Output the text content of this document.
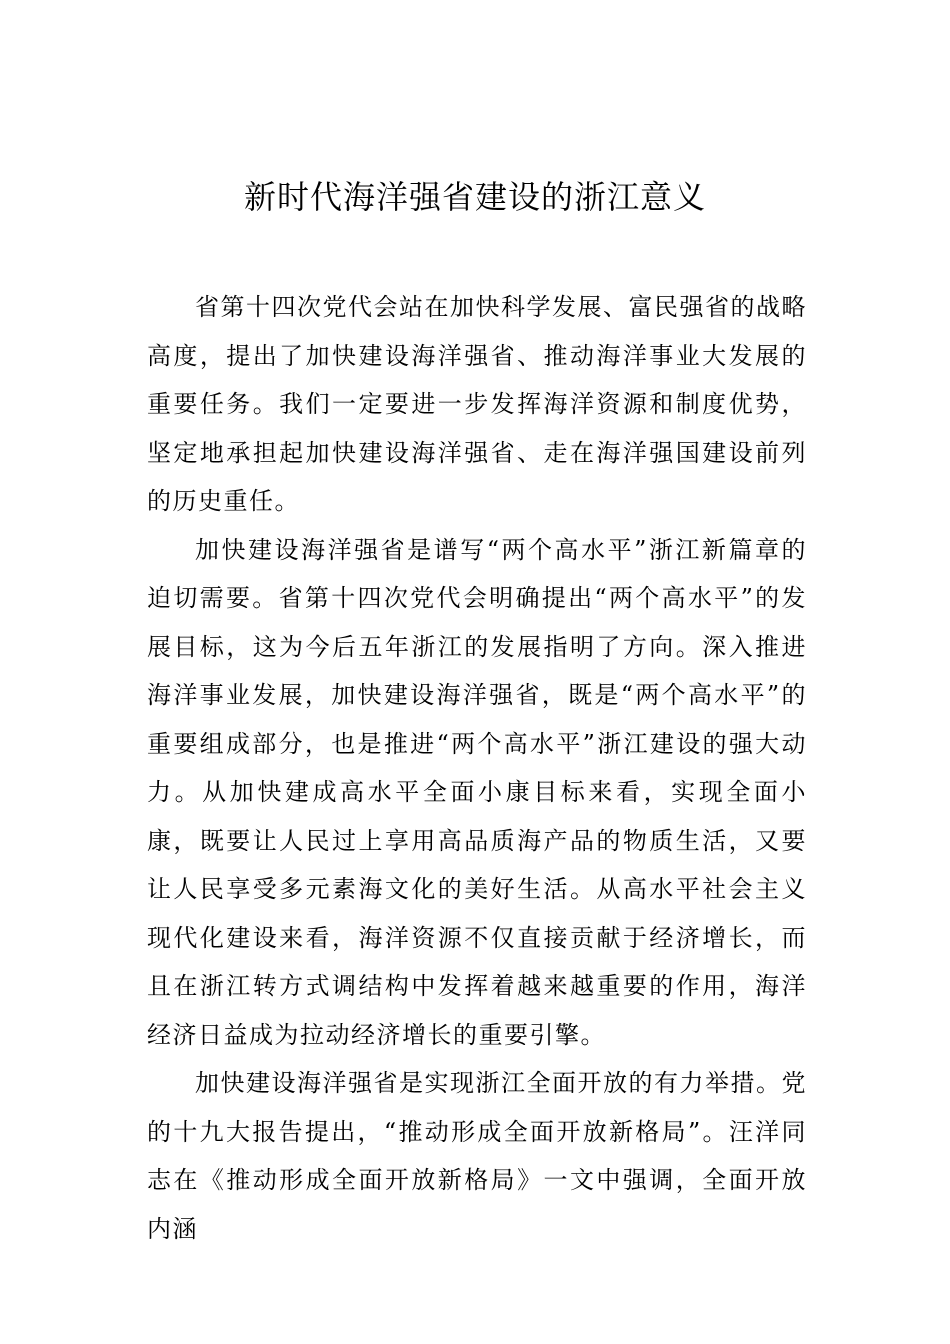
新时代海洋强省建设的浙江意义

省第十四次党代会站在加快科学发展、富民强省的战略高度，提出了加快建设海洋强省、推动海洋事业大发展的重要任务。我们一定要进一步发挥海洋资源和制度优势，坚定地承担起加快建设海洋强省、走在海洋强国建设前列的历史重任。

加快建设海洋强省是谱写“两个高水平”浙江新篇章的迫切需要。省第十四次党代会明确提出“两个高水平”的发展目标，这为今后五年浙江的发展指明了方向。深入推进海洋事业发展，加快建设海洋强省，既是“两个高水平”的重要组成部分，也是推进“两个高水平”浙江建设的强大动力。从加快建成高水平全面小康目标来看，实现全面小康，既要让人民过上享用高品质海产品的物质生活，又要让人民享受多元素海文化的美好生活。从高水平社会主义现代化建设来看，海洋资源不仅直接贡献于经济增长，而且在浙江转方式调结构中发挥着越来越重要的作用，海洋经济日益成为拉动经济增长的重要引擎。

加快建设海洋强省是实现浙江全面开放的有力举措。党的十九大报告提出，“推动形成全面开放新格局”。汪洋同志在《推动形成全面开放新格局》一文中强调，全面开放内涵
